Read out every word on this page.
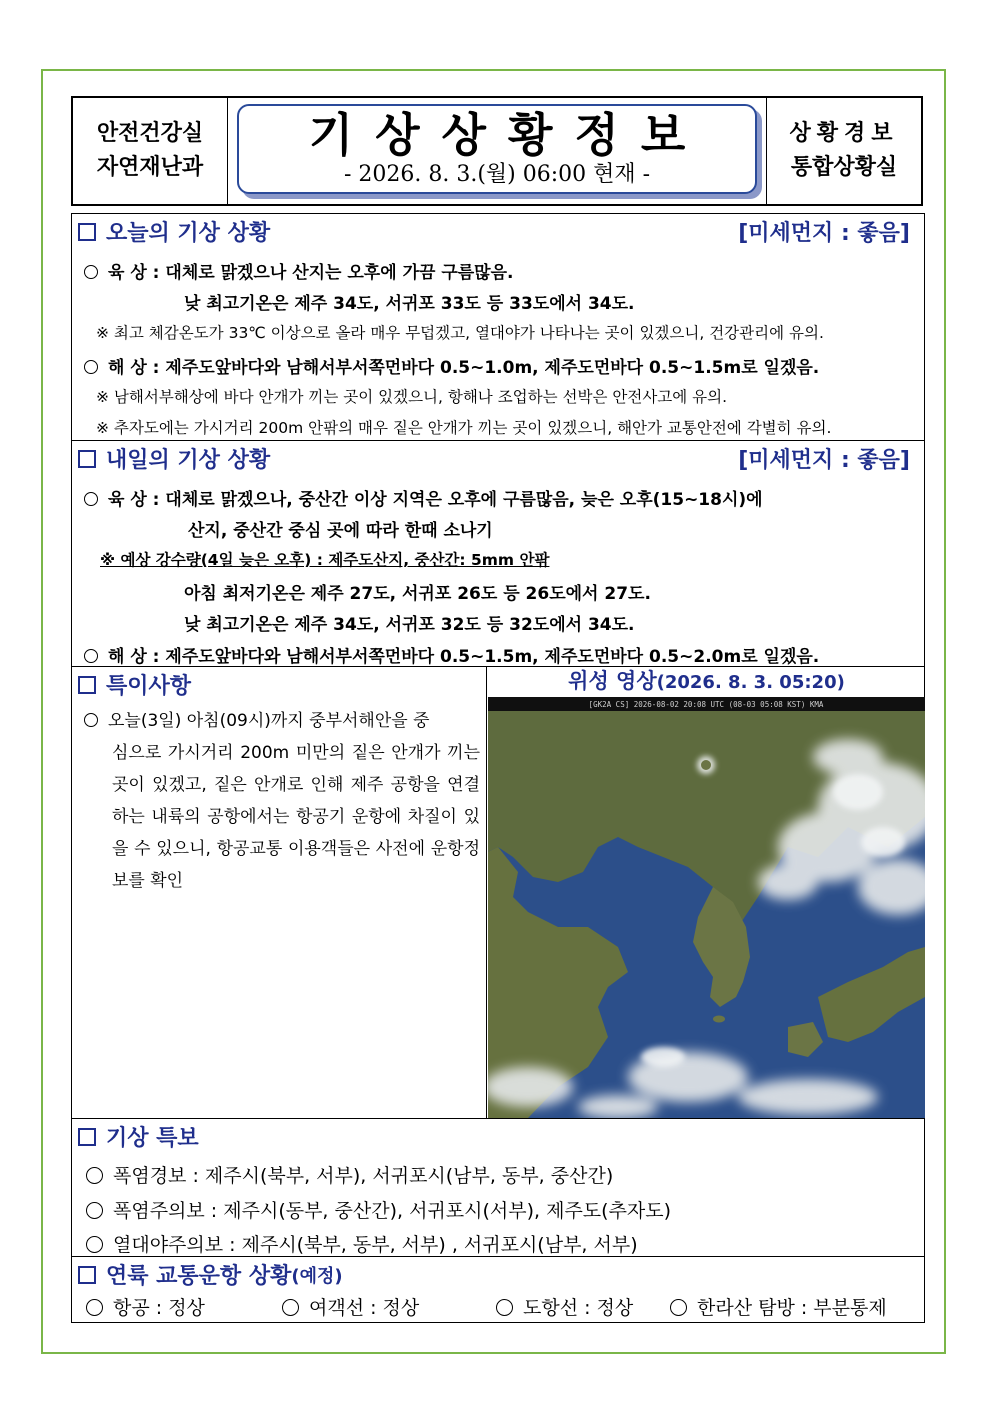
안전건강실
자연재난과
기상상황정보
- 2026. 8. 3.(월) 06:00 현재 -
상황경보
통합상황실
오늘의 기상 상황	[미세먼지 : 좋음]
육 상 : 대체로 맑겠으나 산지는 오후에 가끔 구름많음.
낮 최고기온은 제주 34도, 서귀포 33도 등 33도에서 34도.
※ 최고 체감온도가 33℃ 이상으로 올라 매우 무덥겠고, 열대야가 나타나는 곳이 있겠으니, 건강관리에 유의.
해 상 : 제주도앞바다와 남해서부서쪽먼바다 0.5~1.0m, 제주도먼바다 0.5~1.5m로 일겠음.
※ 남해서부해상에 바다 안개가 끼는 곳이 있겠으니, 항해나 조업하는 선박은 안전사고에 유의.
※ 추자도에는 가시거리 200m 안팎의 매우 짙은 안개가 끼는 곳이 있겠으니, 해안가 교통안전에 각별히 유의.
내일의 기상 상황	[미세먼지 : 좋음]
육 상 : 대체로 맑겠으나, 중산간 이상 지역은 오후에 구름많음, 늦은 오후(15~18시)에
산지, 중산간 중심 곳에 따라 한때 소나기
※ 예상 강수량(4일 늦은 오후) : 제주도산지, 중산간: 5mm 안팎
아침 최저기온은 제주 27도, 서귀포 26도 등 26도에서 27도.
낮 최고기온은 제주 34도, 서귀포 32도 등 32도에서 34도.
해 상 : 제주도앞바다와 남해서부서쪽먼바다 0.5~1.5m, 제주도먼바다 0.5~2.0m로 일겠음.
특이사항
오늘(3일) 아침(09시)까지 중부서해안을 중
심으로 가시거리 200m 미만의 짙은 안개가 끼는 곳이 있겠고, 짙은 안개로 인해 제주 공항을 연결하는 내륙의 공항에서는 항공기 운항에 차질이 있을 수 있으니, 항공교통 이용객들은 사전에 운항정보를 확인
위성 영상(2026. 8. 3. 05:20)
[GK2A CS] 2026-08-02 20:08 UTC (08-03 05:08 KST) KMA
기상 특보
폭염경보 : 제주시(북부, 서부), 서귀포시(남부, 동부, 중산간)
폭염주의보 : 제주시(동부, 중산간), 서귀포시(서부), 제주도(추자도)
열대야주의보 : 제주시(북부, 동부, 서부) , 서귀포시(남부, 서부)
연륙 교통운항 상황 (예정)
항공 : 정상	여객선 : 정상	도항선 : 정상	한라산 탐방 : 부분통제
